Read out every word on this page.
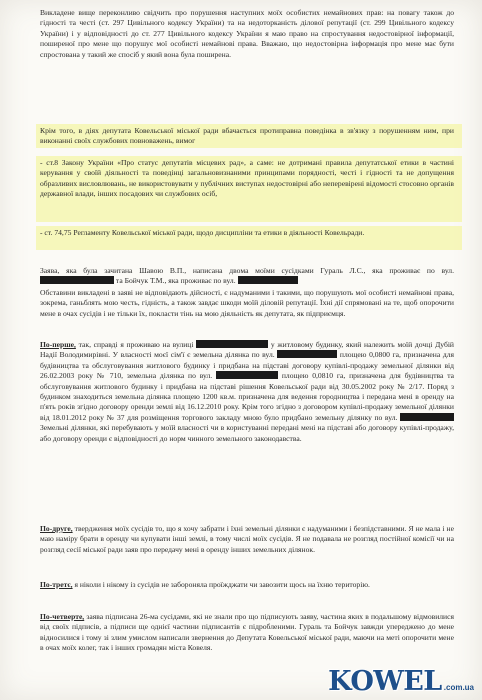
Викладене вище переконливо свідчить про порушення наступних моїх особистих немайнових прав: на повагу також до гідності та честі (ст. 297 Цивільного кодексу України) та на недоторканість ділової репутації (ст. 299 Цивільного кодексу України) і у відповідності до ст. 277 Цивільного кодексу України я маю право на спростування недостовірної інформації, поширеної про мене що порушує мої особисті немайнові права. Вважаю, що недостовірна інформація про мене має бути спростована у такий же спосіб у який вона була поширена.

Крім того, в діях депутата Ковельської міської ради вбачається протиправна поведінка в зв'язку з порушенням ним, при виконанні своїх службових повноважень, вимог

- ст.8 Закону України «Про статус депутатів місцевих рад», а саме: не дотримані правила депутатської етики в частині керування у своїй діяльності та поведінці загальновизнаними принципами порядності, честі і гідності та не допущення образливих висловлювань, не використовувати у публічних виступах недостовірні або неперевірені відомості стосовно органів державної влади, інших посадових чи службових осіб,

- ст. 74,75 Регламенту Ковельської міської ради, щодо дисципліни та етики в діяльності Ковельради.

Заява, яка була зачитана Шавою В.П., написана двома моїми сусідками Гураль Л.С., яка проживає по вул.  та Бойчук Т.М., яка проживає по вул.

Обставини викладені в заяві не відповідають дійсності, є надуманими і такими, що порушують мої особисті немайнові права, зокрема, ганьблять мою честь, гідність, а також завдає шкоди моїй діловій репутації. Їхні дії спрямовані на те, щоб опорочити мене в очах сусідів і не тільки їх, покласти тінь на мою діяльність як депутата, як підприємця.

По-перше, так, справді я проживаю на вулиці	у житловому будинку, який належить моїй дочці Дубій Надії Володимирівні. У власності моєї сім'ї є земельна ділянка по вул.	площею 0,0800 га, призначена для будівництва та обслуговування житлового будинку і придбана на підставі договору купівлі-продажу земельної ділянки від 26.02.2003 року № 710, земельна ділянка по вул.	площею 0,0810 га, призначена для будівництва та обслуговування житлового будинку і придбана на підставі рішення Ковельської ради від 30.05.2002 року № 2/17. Поряд з будинком знаходиться земельна ділянка площею 1200 кв.м. призначена для ведення городництва і передана мені в оренду на п'ять років згідно договору оренди землі від 16.12.2010 року. Крім того згідно з договором купівлі-продажу земельної ділянки від 18.01.2012 року № 37 для розміщення торгового закладу мною було придбано земельну ділянку по вул.  Земельні ділянки, які перебувають у моїй власності чи в користуванні передані мені на підставі або договору купівлі-продажу, або договору оренди є відповідності до норм чинного земельного законодавства.

По-друге, твердження моїх сусідів то, що я хочу забрати і їхні земельні ділянки є надуманими і безпідставними. Я не мала і не маю наміру брати в оренду чи купувати інші землі, в тому числі моїх сусідів. Я не подавала не розгляд постійної комісії чи на розгляд сесії міської ради заяв про передачу мені в оренду інших земельних ділянок.

По-третє, я ніколи і нікому із сусідів не забороняла проїжджати чи завозити щось на їхню територію.

По-четверте, заява підписана 26-ма сусідами, які не знали про що підписують заяву, частина яких в подальшому відмовилися від своїх підписів, а підписи ще однієї частини підписантів є підробленими. Гураль та Бойчук завжди упереджено до мене відносилися і тому зі злим умислом написали звернення до Депутата Ковельської міської ради, маючи на меті опорочити мене в очах моїх колег, так і інших громадян міста Ковеля.

KOWEL .com.ua
